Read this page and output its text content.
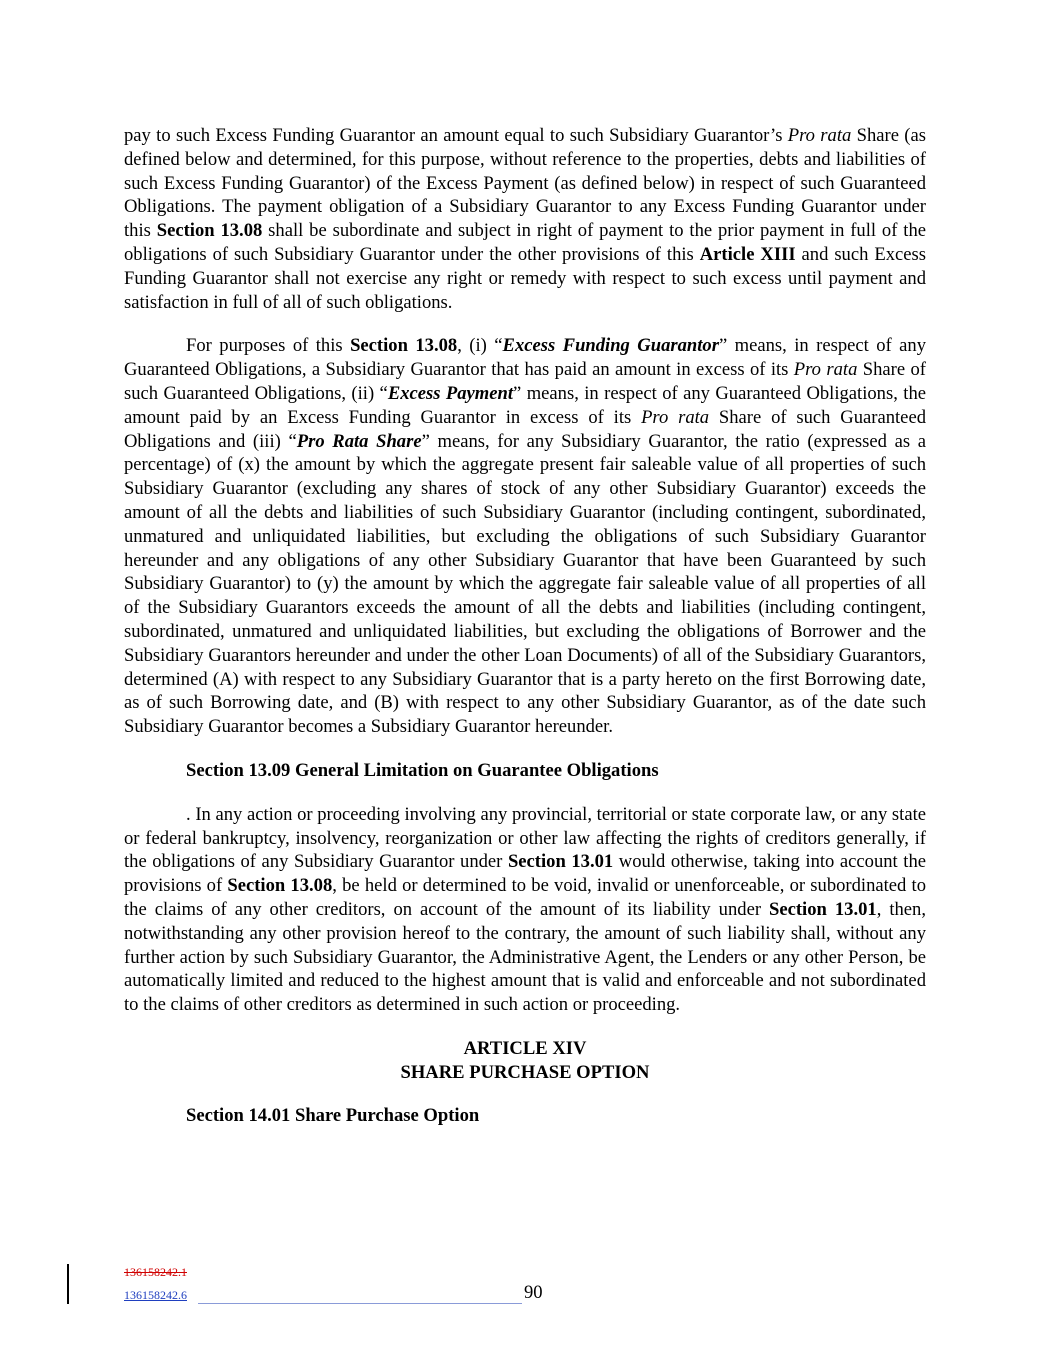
pay to such Excess Funding Guarantor an amount equal to such Subsidiary Guarantor’s Pro rata Share (as defined below and determined, for this purpose, without reference to the properties, debts and liabilities of such Excess Funding Guarantor) of the Excess Payment (as defined below) in respect of such Guaranteed Obligations. The payment obligation of a Subsidiary Guarantor to any Excess Funding Guarantor under this Section 13.08 shall be subordinate and subject in right of payment to the prior payment in full of the obligations of such Subsidiary Guarantor under the other provisions of this Article XIII and such Excess Funding Guarantor shall not exercise any right or remedy with respect to such excess until payment and satisfaction in full of all of such obligations.

For purposes of this Section 13.08, (i) “Excess Funding Guarantor” means, in respect of any Guaranteed Obligations, a Subsidiary Guarantor that has paid an amount in excess of its Pro rata Share of such Guaranteed Obligations, (ii) “Excess Payment” means, in respect of any Guaranteed Obligations, the amount paid by an Excess Funding Guarantor in excess of its Pro rata Share of such Guaranteed Obligations and (iii) “Pro Rata Share” means, for any Subsidiary Guarantor, the ratio (expressed as a percentage) of (x) the amount by which the aggregate present fair saleable value of all properties of such Subsidiary Guarantor (excluding any shares of stock of any other Subsidiary Guarantor) exceeds the amount of all the debts and liabilities of such Subsidiary Guarantor (including contingent, subordinated, unmatured and unliquidated liabilities, but excluding the obligations of such Subsidiary Guarantor hereunder and any obligations of any other Subsidiary Guarantor that have been Guaranteed by such Subsidiary Guarantor) to (y) the amount by which the aggregate fair saleable value of all properties of all of the Subsidiary Guarantors exceeds the amount of all the debts and liabilities (including contingent, subordinated, unmatured and unliquidated liabilities, but excluding the obligations of Borrower and the Subsidiary Guarantors hereunder and under the other Loan Documents) of all of the Subsidiary Guarantors, determined (A) with respect to any Subsidiary Guarantor that is a party hereto on the first Borrowing date, as of such Borrowing date, and (B) with respect to any other Subsidiary Guarantor, as of the date such Subsidiary Guarantor becomes a Subsidiary Guarantor hereunder.

Section 13.09 General Limitation on Guarantee Obligations

. In any action or proceeding involving any provincial, territorial or state corporate law, or any state or federal bankruptcy, insolvency, reorganization or other law affecting the rights of creditors generally, if the obligations of any Subsidiary Guarantor under Section 13.01 would otherwise, taking into account the provisions of Section 13.08, be held or determined to be void, invalid or unenforceable, or subordinated to the claims of any other creditors, on account of the amount of its liability under Section 13.01, then, notwithstanding any other provision hereof to the contrary, the amount of such liability shall, without any further action by such Subsidiary Guarantor, the Administrative Agent, the Lenders or any other Person, be automatically limited and reduced to the highest amount that is valid and enforceable and not subordinated to the claims of other creditors as determined in such action or proceeding.

ARTICLE XIV
SHARE PURCHASE OPTION
Section 14.01 Share Purchase Option
136158242.1
136158242.6	90
